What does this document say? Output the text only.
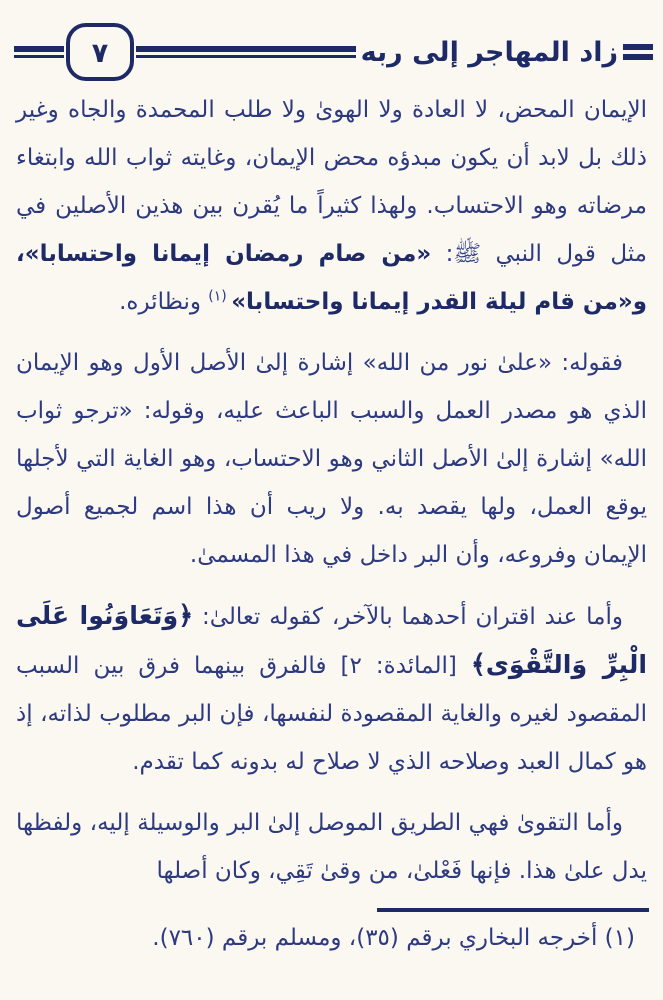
زاد المهاجر إلى ربه
٧

الإيمان المحض، لا العادة ولا الهوىٰ ولا طلب المحمدة والجاه وغير ذلك بل لابد أن يكون مبدؤه محض الإيمان، وغايته ثواب الله وابتغاء مرضاته وهو الاحتساب. ولهذا كثيراً ما يُقرن بين هذين الأصلين في مثل قول النبي ﷺ: «من صام رمضان إيمانا واحتسابا»، و«من قام ليلة القدر إيمانا واحتسابا» $^{(١)}$ ونظائره.

فقوله: «علىٰ نور من الله» إشارة إلىٰ الأصل الأول وهو الإيمان الذي هو مصدر العمل والسبب الباعث عليه، وقوله: «ترجو ثواب الله» إشارة إلىٰ الأصل الثاني وهو الاحتساب، وهو الغاية التي لأجلها يوقع العمل، ولها يقصد به. ولا ريب أن هذا اسم لجميع أصول الإيمان وفروعه، وأن البر داخل في هذا المسمىٰ.

وأما عند اقتران أحدهما بالآخر، كقوله تعالىٰ: ﴿وَتَعَاوَنُوا عَلَى الْبِرِّ وَالتَّقْوَى﴾ [المائدة: ٢] فالفرق بينهما فرق بين السبب المقصود لغيره والغاية المقصودة لنفسها، فإن البر مطلوب لذاته، إذ هو كمال العبد وصلاحه الذي لا صلاح له بدونه كما تقدم.

وأما التقوىٰ فهي الطريق الموصل إلىٰ البر والوسيلة إليه، ولفظها يدل علىٰ هذا. فإنها فَعْلىٰ، من وقىٰ تَقِي، وكان أصلها

(١) أخرجه البخاري برقم (٣٥)، ومسلم برقم (٧٦٠).
